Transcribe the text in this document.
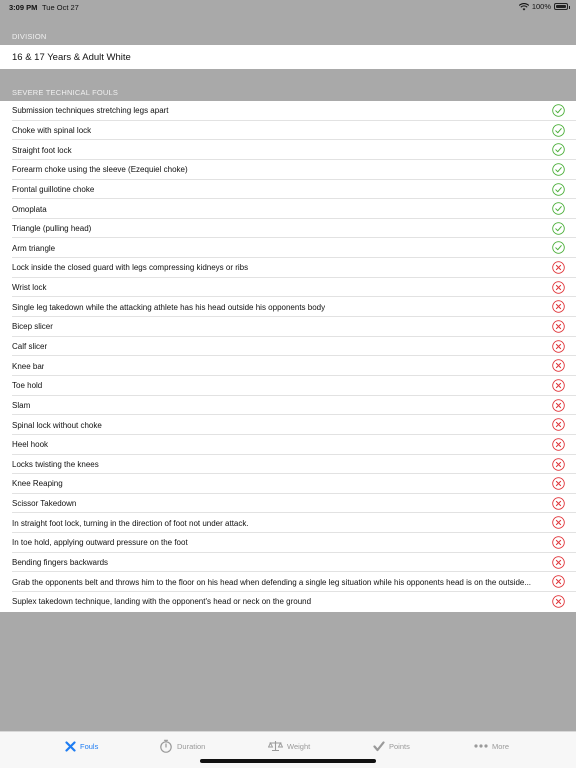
3:09 PM Tue Oct 27	100%
DIVISION
16 & 17 Years & Adult White
SEVERE TECHNICAL FOULS
Submission techniques stretching legs apart
Choke with spinal lock
Straight foot lock
Forearm choke using the sleeve (Ezequiel choke)
Frontal guillotine choke
Omoplata
Triangle (pulling head)
Arm triangle
Lock inside the closed guard with legs compressing kidneys or ribs
Wrist lock
Single leg takedown while the attacking athlete has his head outside his opponents body
Bicep slicer
Calf slicer
Knee bar
Toe hold
Slam
Spinal lock without choke
Heel hook
Locks twisting the knees
Knee Reaping
Scissor Takedown
In straight foot lock, turning in the direction of foot not under attack.
In toe hold, applying outward pressure on the foot
Bending fingers backwards
Grab the opponents belt and throws him to the floor on his head when defending a single leg situation while his opponents head is on the outside...
Suplex takedown technique, landing with the opponent's head or neck on the ground
Fouls	Duration	Weight	Points	More
